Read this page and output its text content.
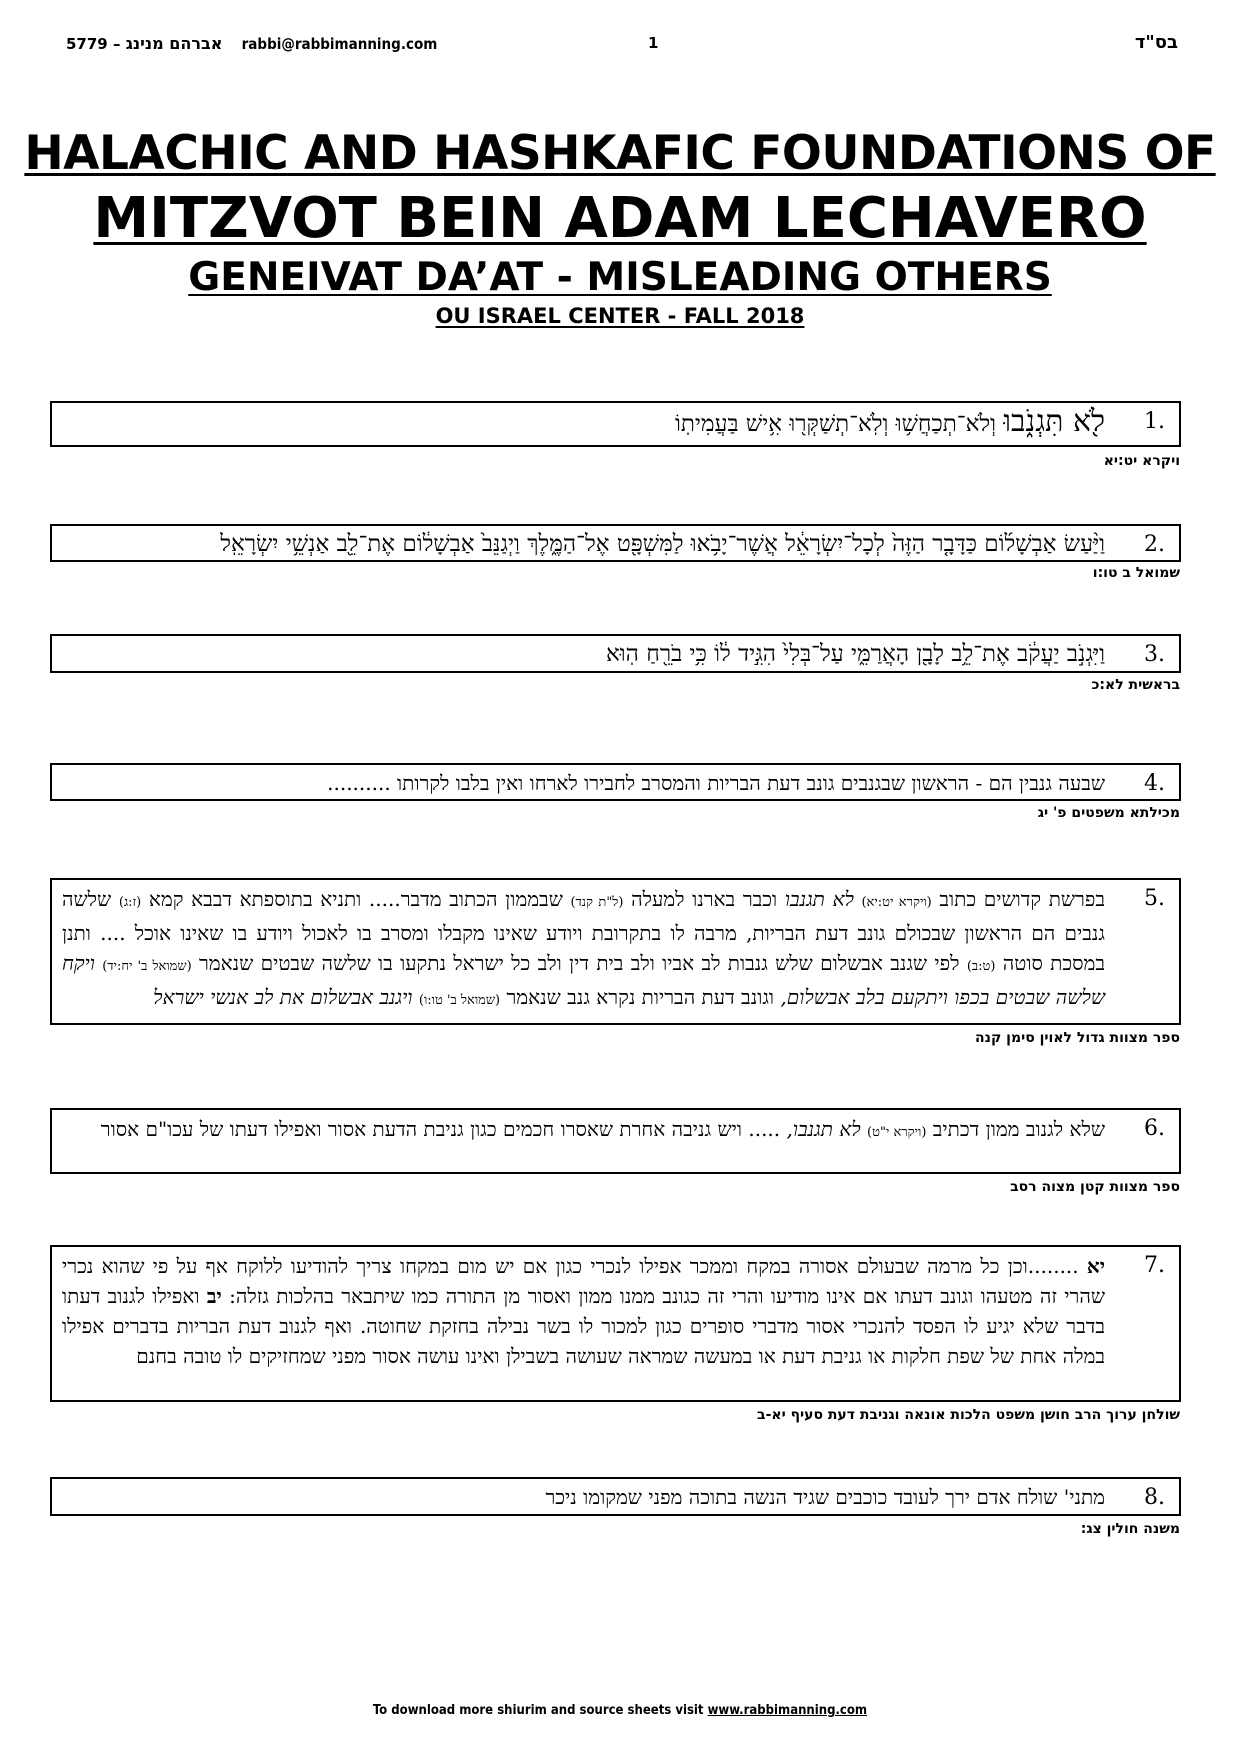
5779 – אברהם מנינג rabbi@rabbimanning.com	1	בס"ד
HALACHIC AND HASHKAFIC FOUNDATIONS OF
MITZVOT BEIN ADAM LECHAVERO
GENEIVAT DA’AT - MISLEADING OTHERS
OU ISRAEL CENTER - FALL 2018
1.
לֹ֖א תִּגְנֹ֑בוּ וְלֹא־תְכַחֲשׁ֥וּ וְלֹֽא־תְשַׁקְּר֖וּ אִ֥ישׁ בַּעֲמִיתֽוֹ
ויקרא יט:יא
2.
וַיַּ֨עַשׂ אַבְשָׁל֜וֹם כַּדָּבָ֤ר הַזֶּה֙ לְכָל־יִשְׂרָאֵ֔ל אֲשֶׁר־יָבֹ֥אוּ לַמִּשְׁפָּ֖ט אֶל־הַמֶּ֑לֶךְ וַיְגַנֵּב֙ אַבְשָׁל֔וֹם אֶת־לֵ֖ב אַנְשֵׁ֥י יִשְׂרָאֵֽל
שמואל ב טו:ו
3.
וַיִּגְנֹ֣ב יַעֲקֹ֔ב אֶת־לֵ֥ב לָבָ֖ן הָאֲרַמִּ֑י עַל־בְּלִי֙ הִגִּ֣יד ל֔וֹ כִּ֥י בֹרֵ֖חַ הֽוּא
בראשית לא:כ
4.
שבעה גנבין הם - הראשון שבגנבים גונב דעת הבריות והמסרב לחבירו לארחו ואין בלבו לקרותו ..........
מכילתא משפטים פ' יג
5.
בפרשת קדושים כתוב (ויקרא יט:יא) לא תגנבו וכבר בארנו למעלה (ל"ת קנד) שבממון הכתוב מדבר..... ותניא בתוספתא דבבא קמא (ז:ג) שלשה גנבים הם הראשון שבכולם גונב דעת הבריות, מרבה לו בתקרובת ויודע שאינו מקבלו ומסרב בו לאכול ויודע בו שאינו אוכל .... ותנן במסכת סוטה (ט:ב) לפי שגנב אבשלום שלש גנבות לב אביו ולב בית דין ולב כל ישראל נתקעו בו שלשה שבטים שנאמר (שמואל ב' יח:יד) ויקח שלשה שבטים בכפו ויתקעם בלב אבשלום, וגונב דעת הבריות נקרא גנב שנאמר (שמואל ב' טו:ו) ויגנב אבשלום את לב אנשי ישראל
ספר מצוות גדול לאוין סימן קנה
6.
שלא לגנוב ממון דכתיב (ויקרא י"ט) לא תגנבו, ..... ויש גניבה אחרת שאסרו חכמים כגון גניבת הדעת אסור ואפילו דעתו של עכו"ם אסור
ספר מצוות קטן מצוה רסב
7.
יא ........וכן כל מרמה שבעולם אסורה במקח וממכר אפילו לנכרי כגון אם יש מום במקחו צריך להודיעו ללוקח אף על פי שהוא נכרי שהרי זה מטעהו וגונב דעתו אם אינו מודיעו והרי זה כגונב ממנו ממון ואסור מן התורה כמו שיתבאר בהלכות גזלה: יב ואפילו לגנוב דעתו בדבר שלא יגיע לו הפסד להנכרי אסור מדברי סופרים כגון למכור לו בשר נבילה בחזקת שחוטה. ואף לגנוב דעת הבריות בדברים אפילו במלה אחת של שפת חלקות או גניבת דעת או במעשה שמראה שעושה בשבילן ואינו עושה אסור מפני שמחזיקים לו טובה בחנם
שולחן ערוך הרב חושן משפט הלכות אונאה וגניבת דעת סעיף יא-ב
8.
מתני' שולח אדם ירך לעובד כוכבים שגיד הנשה בתוכה מפני שמקומו ניכר
משנה חולין צג:
To download more shiurim and source sheets visit www.rabbimanning.com
